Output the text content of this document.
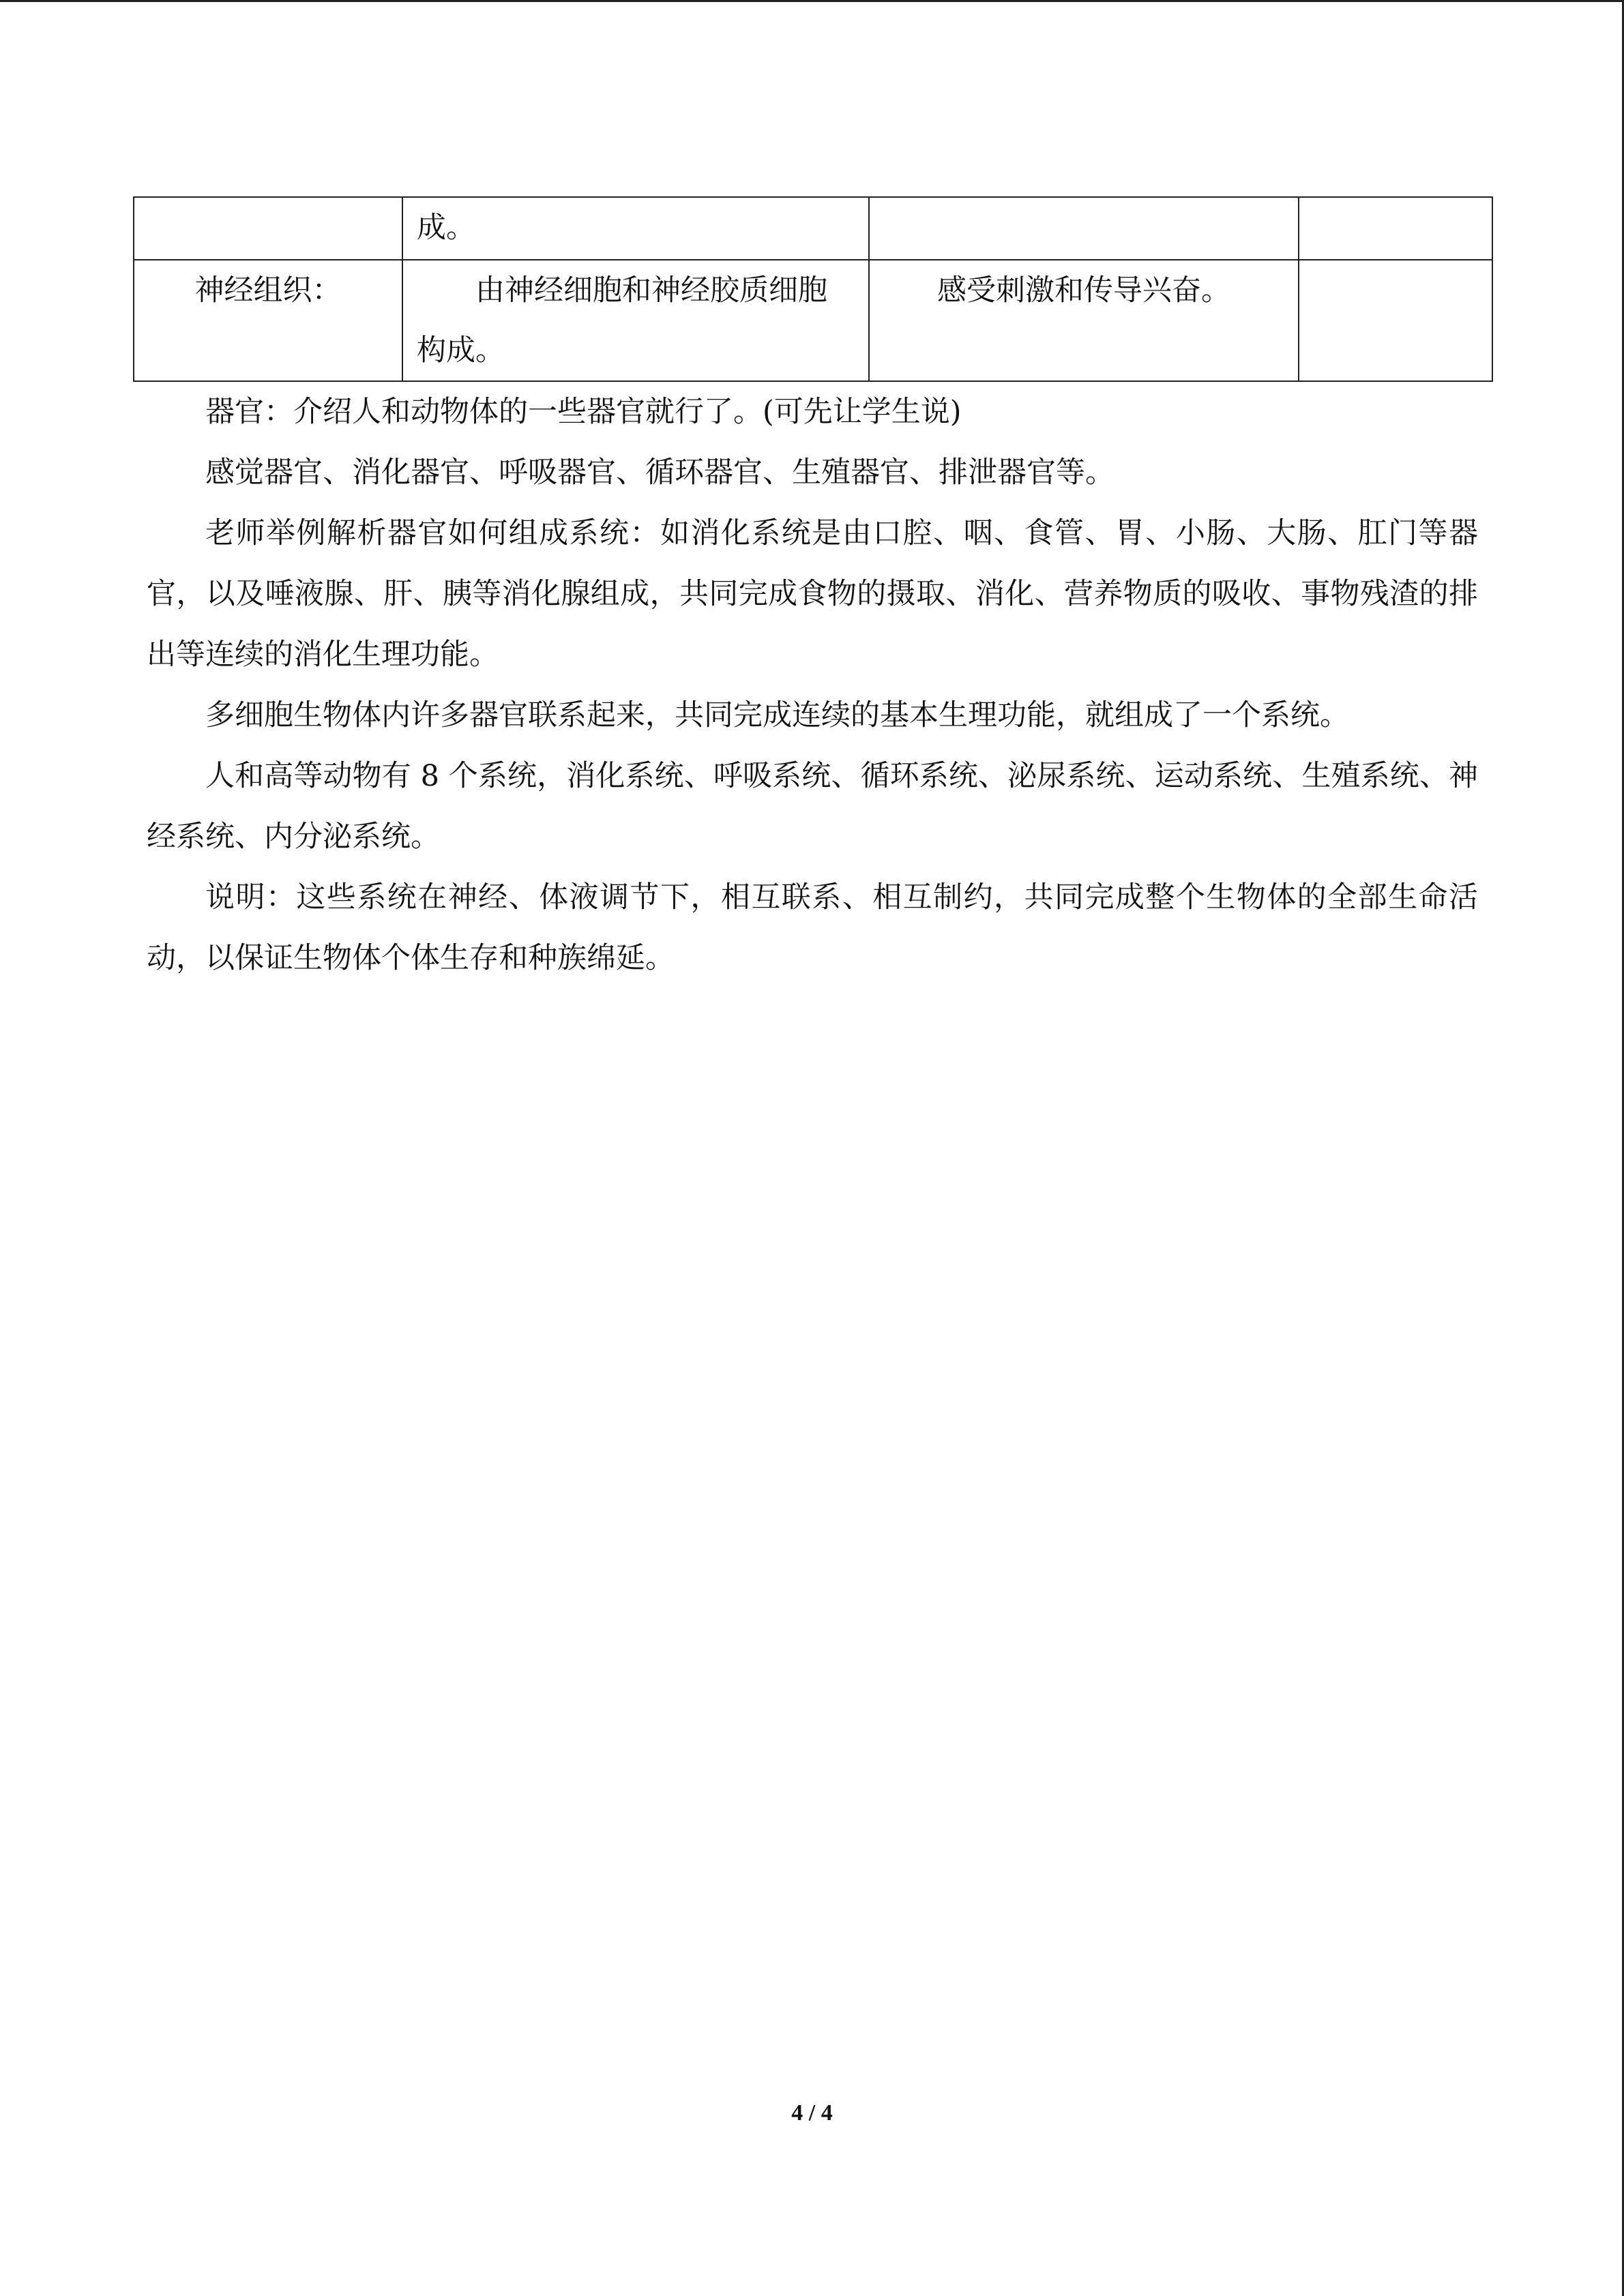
	成。		
神经组织：	由神经细胞和神经胶质细胞构成。	感受刺激和传导兴奋。	

器官：介绍人和动物体的一些器官就行了。(可先让学生说)

感觉器官、消化器官、呼吸器官、循环器官、生殖器官、排泄器官等。

老师举例解析器官如何组成系统：如消化系统是由口腔、咽、食管、胃、小肠、大肠、肛门等器官，以及唾液腺、肝、胰等消化腺组成，共同完成食物的摄取、消化、营养物质的吸收、事物残渣的排出等连续的消化生理功能。

多细胞生物体内许多器官联系起来，共同完成连续的基本生理功能，就组成了一个系统。

人和高等动物有 8 个系统，消化系统、呼吸系统、循环系统、泌尿系统、运动系统、生殖系统、神经系统、内分泌系统。

说明：这些系统在神经、体液调节下，相互联系、相互制约，共同完成整个生物体的全部生命活动，以保证生物体个体生存和种族绵延。

4 / 4
